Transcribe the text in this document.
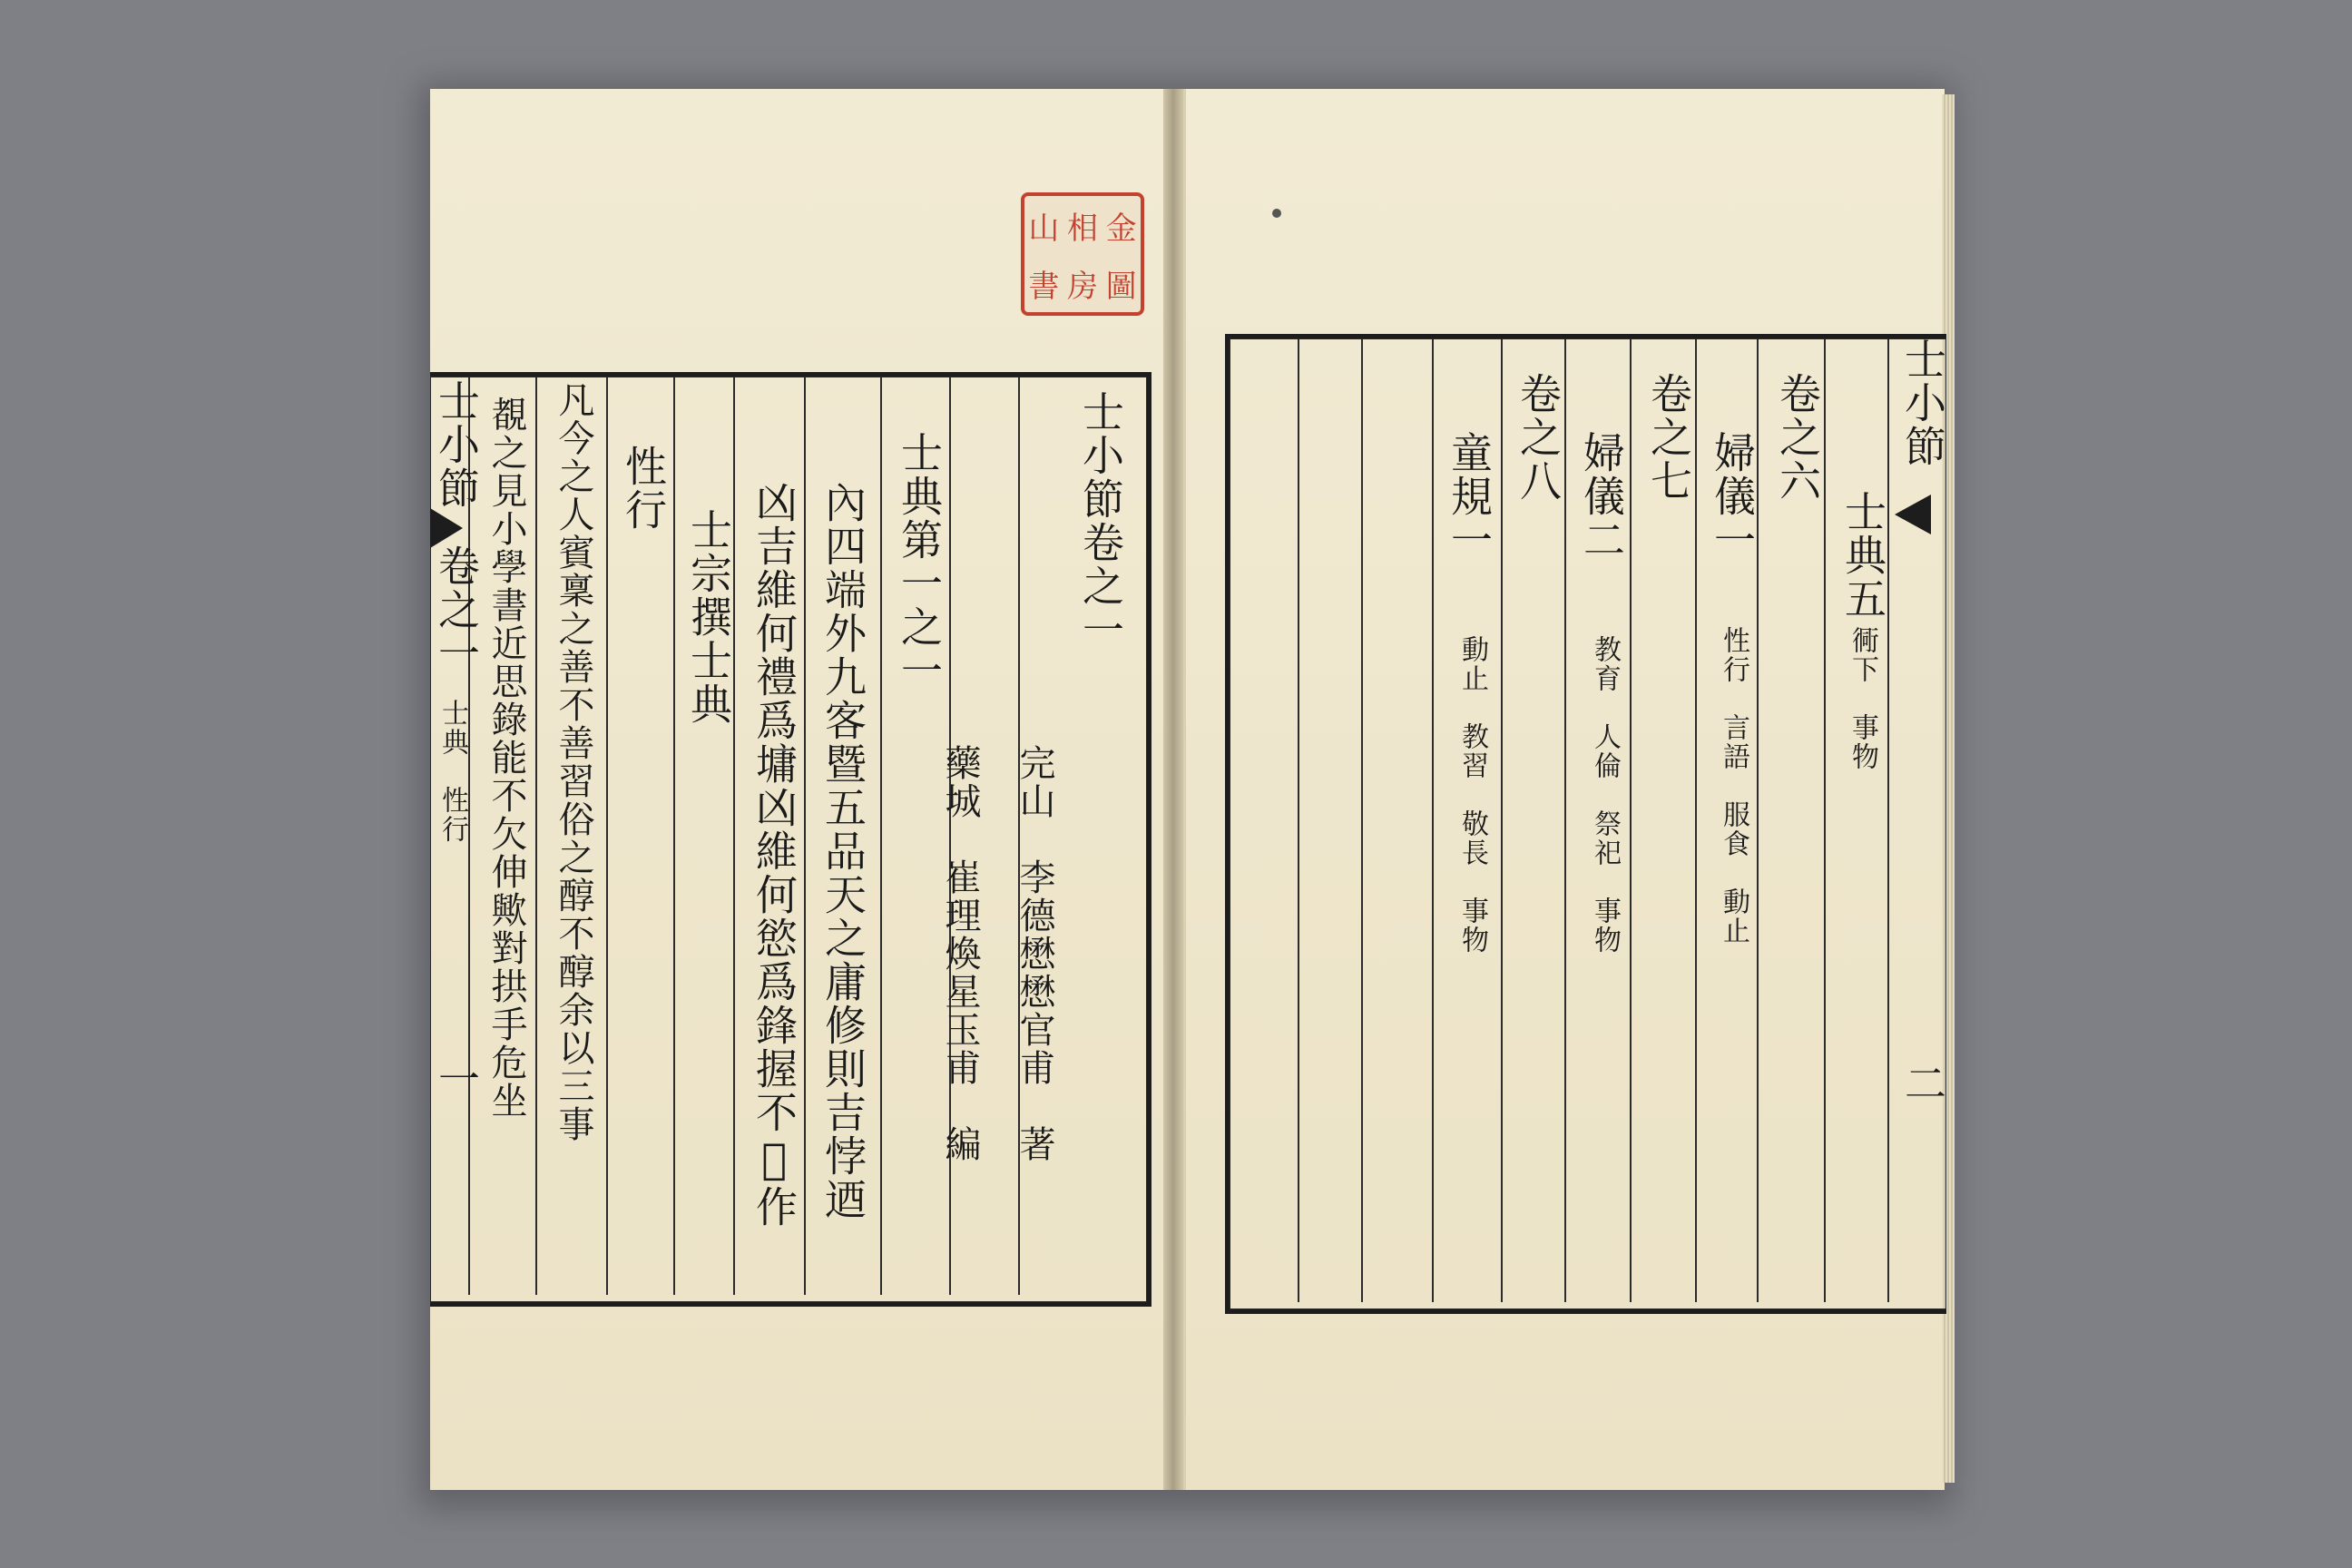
山 相 金
書 房 圖
士小節卷之一
完山　李德懋懋官甫　著
藥城　崔理煥星玉甫　編
士典第一之一
內四端外九客暨五品天之庸修則吉悖迺
凶吉維何禮爲墉凶維何慾爲鋒握不𥨊作
士宗撰士典
性行
凡今之人賓稟之善不善習俗之醇不醇余以三事
覩之見小學書近思錄能不欠伸歟對拱手危坐
士小節
卷之一
士典　性行
一
士小節
二
士典五
衕下　事物
卷之六
婦儀一
性行　言語　服食　動止
卷之七
婦儀二
教育　人倫　祭祀　事物
卷之八
童規一
動止　教習　敬長　事物
